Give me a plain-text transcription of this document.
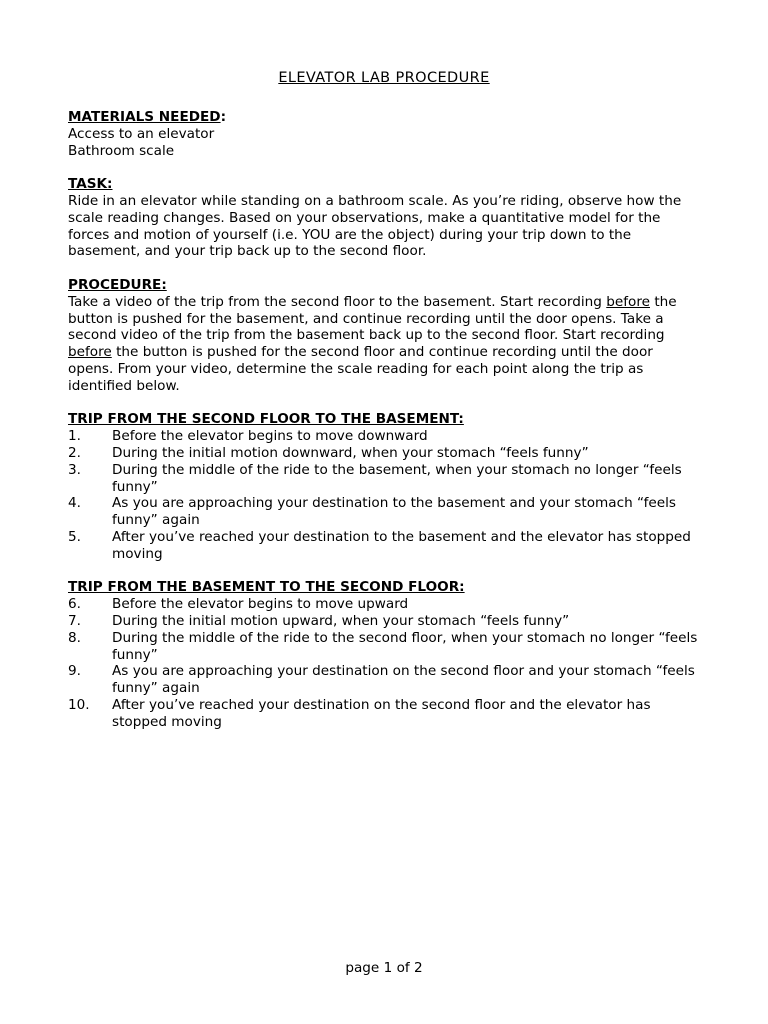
ELEVATOR LAB PROCEDURE
MATERIALS NEEDED:
Access to an elevator
Bathroom scale
TASK:
Ride in an elevator while standing on a bathroom scale. As you’re riding, observe how the scale reading changes. Based on your observations, make a quantitative model for the forces and motion of yourself (i.e. YOU are the object) during your trip down to the basement, and your trip back up to the second floor.
PROCEDURE:
Take a video of the trip from the second floor to the basement. Start recording before the button is pushed for the basement, and continue recording until the door opens. Take a second video of the trip from the basement back up to the second floor. Start recording before the button is pushed for the second floor and continue recording until the door opens. From your video, determine the scale reading for each point along the trip as identified below.
TRIP FROM THE SECOND FLOOR TO THE BASEMENT:
1. Before the elevator begins to move downward
2. During the initial motion downward, when your stomach “feels funny”
3. During the middle of the ride to the basement, when your stomach no longer “feels funny”
4. As you are approaching your destination to the basement and your stomach “feels funny” again
5. After you’ve reached your destination to the basement and the elevator has stopped moving
TRIP FROM THE BASEMENT TO THE SECOND FLOOR:
6. Before the elevator begins to move upward
7. During the initial motion upward, when your stomach “feels funny”
8. During the middle of the ride to the second floor, when your stomach no longer “feels funny”
9. As you are approaching your destination on the second floor and your stomach “feels funny” again
10. After you’ve reached your destination on the second floor and the elevator has stopped moving
page 1 of 2
